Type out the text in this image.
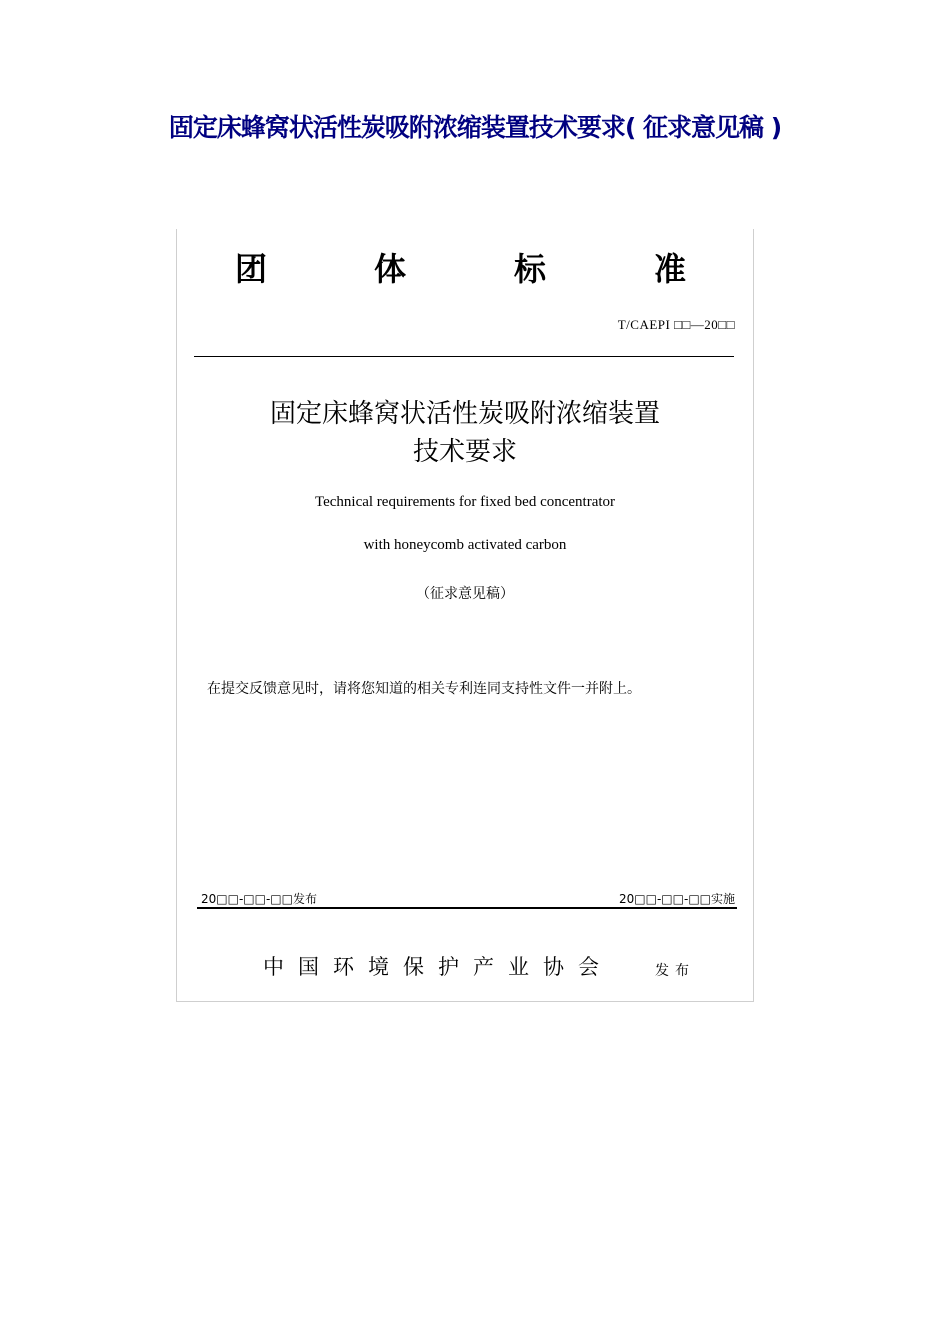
固定床蜂窝状活性炭吸附浓缩装置技术要求( 征求意见稿 )
团	体	标	准
T/CAEPI □□—20□□
固定床蜂窝状活性炭吸附浓缩装置
技术要求
Technical requirements for fixed bed concentrator
with honeycomb activated carbon
（征求意见稿）
在提交反馈意见时，请将您知道的相关专利连同支持性文件一并附上。
20□□-□□-□□发布	20□□-□□-□□实施
中国环境保护产业协会	发布
